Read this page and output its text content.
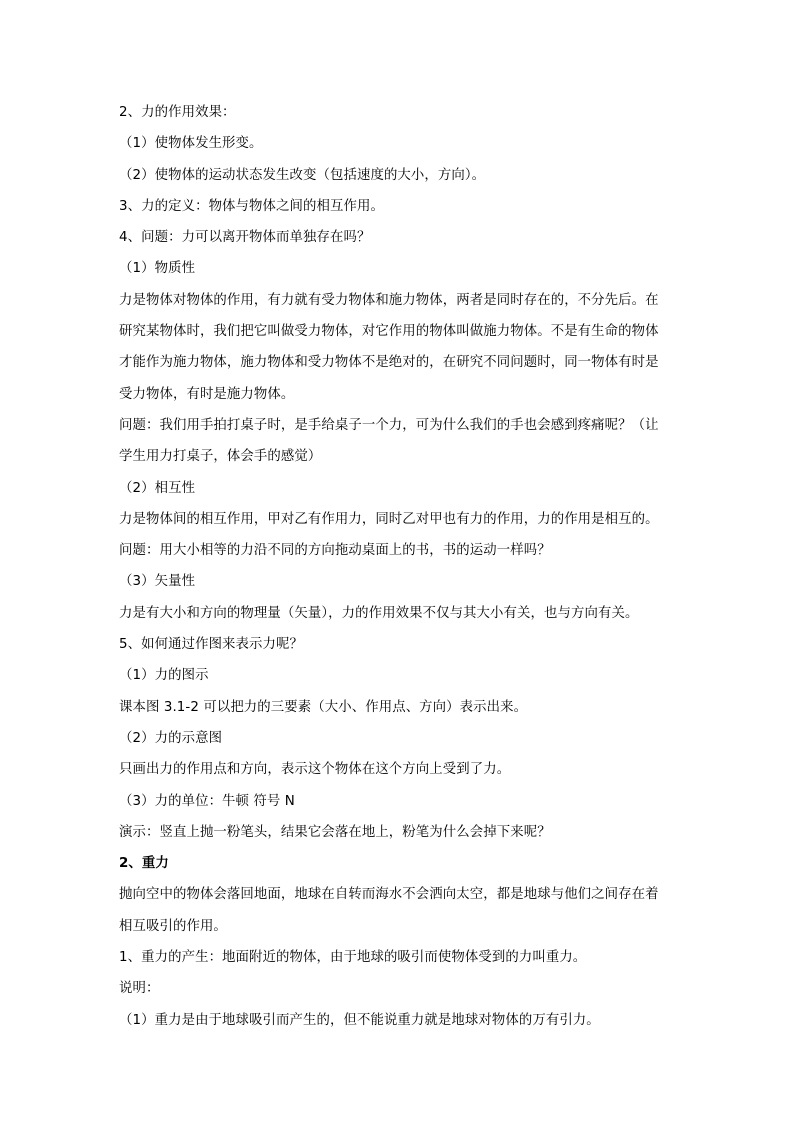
2、力的作用效果：
（1）使物体发生形变。
（2）使物体的运动状态发生改变（包括速度的大小，方向）。
3、力的定义：物体与物体之间的相互作用。
4、问题：力可以离开物体而单独存在吗？
（1）物质性
力是物体对物体的作用，有力就有受力物体和施力物体，两者是同时存在的，不分先后。在
研究某物体时，我们把它叫做受力物体，对它作用的物体叫做施力物体。不是有生命的物体
才能作为施力物体，施力物体和受力物体不是绝对的，在研究不同问题时，同一物体有时是
受力物体，有时是施力物体。
问题：我们用手拍打桌子时，是手给桌子一个力，可为什么我们的手也会感到疼痛呢？（让
学生用力打桌子，体会手的感觉）
（2）相互性
力是物体间的相互作用，甲对乙有作用力，同时乙对甲也有力的作用，力的作用是相互的。
问题：用大小相等的力沿不同的方向拖动桌面上的书，书的运动一样吗？
（3）矢量性
力是有大小和方向的物理量（矢量），力的作用效果不仅与其大小有关，也与方向有关。
5、如何通过作图来表示力呢？
（1）力的图示
课本图 3.1-2 可以把力的三要素（大小、作用点、方向）表示出来。
（2）力的示意图
只画出力的作用点和方向，表示这个物体在这个方向上受到了力。
（3）力的单位：牛顿 符号 N
演示：竖直上抛一粉笔头，结果它会落在地上，粉笔为什么会掉下来呢？
2、重力
抛向空中的物体会落回地面，地球在自转而海水不会洒向太空，都是地球与他们之间存在着
相互吸引的作用。
1、重力的产生：地面附近的物体，由于地球的吸引而使物体受到的力叫重力。
说明：
（1）重力是由于地球吸引而产生的，但不能说重力就是地球对物体的万有引力。
